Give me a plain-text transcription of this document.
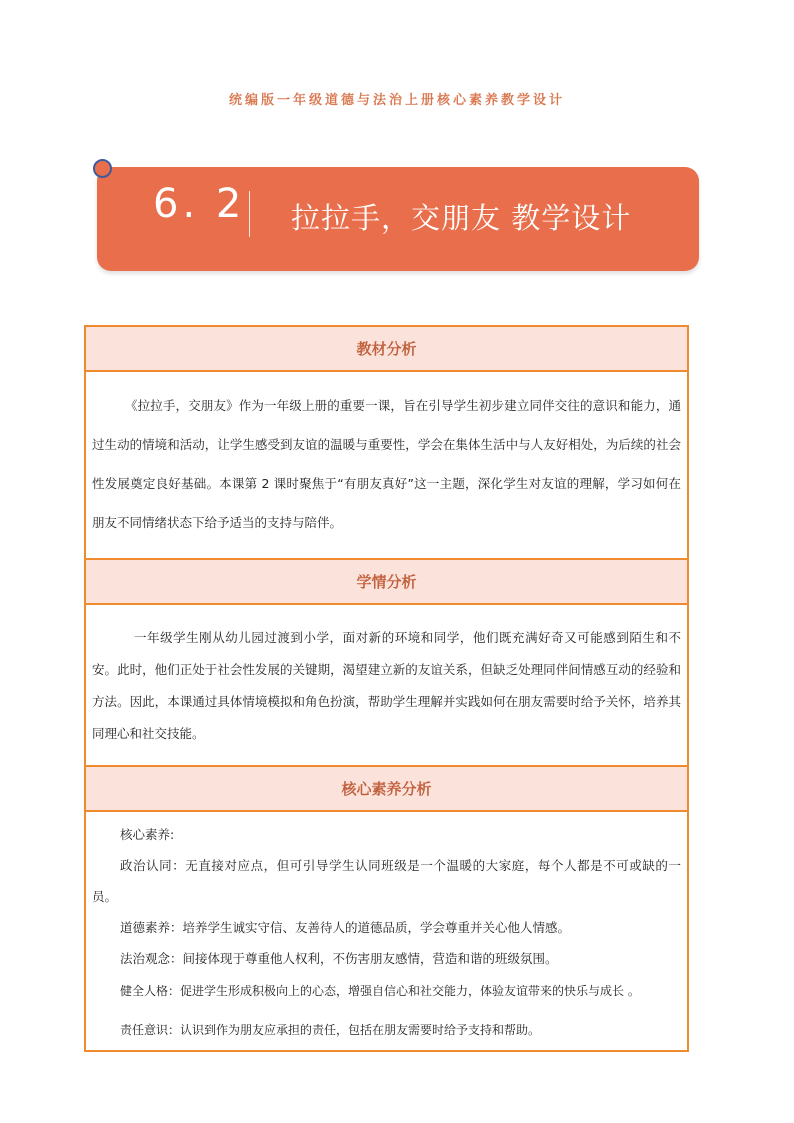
统编版一年级道德与法治上册核心素养教学设计
6. 2 拉拉手，交朋友 教学设计
教材分析

《拉拉手，交朋友》作为一年级上册的重要一课，旨在引导学生初步建立同伴交往的意识和能力，通过生动的情境和活动，让学生感受到友谊的温暖与重要性，学会在集体生活中与人友好相处，为后续的社会性发展奠定良好基础。本课第 2 课时聚焦于“有朋友真好”这一主题，深化学生对友谊的理解，学习如何在朋友不同情绪状态下给予适当的支持与陪伴。

学情分析

一年级学生刚从幼儿园过渡到小学，面对新的环境和同学，他们既充满好奇又可能感到陌生和不安。此时，他们正处于社会性发展的关键期，渴望建立新的友谊关系，但缺乏处理同伴间情感互动的经验和方法。因此，本课通过具体情境模拟和角色扮演，帮助学生理解并实践如何在朋友需要时给予关怀，培养其同理心和社交技能。

核心素养分析

核心素养:

政治认同：无直接对应点，但可引导学生认同班级是一个温暖的大家庭，每个人都是不可或缺的一员。

道德素养：培养学生诚实守信、友善待人的道德品质，学会尊重并关心他人情感。

法治观念：间接体现于尊重他人权利，不伤害朋友感情，营造和谐的班级氛围。

健全人格：促进学生形成积极向上的心态，增强自信心和社交能力，体验友谊带来的快乐与成长 。

责任意识：认识到作为朋友应承担的责任，包括在朋友需要时给予支持和帮助。
